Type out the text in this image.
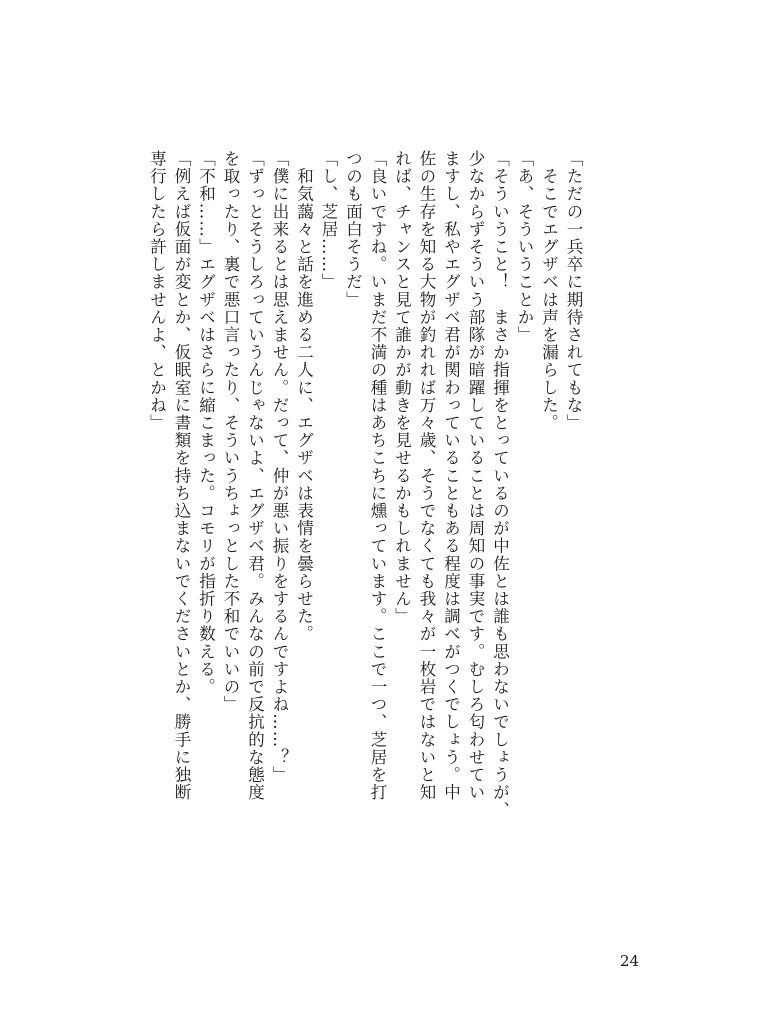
「ただの一兵卒に期待されてもな」
　そこでエグザベは声を漏らした。
「あ、そういうことか」
「そういうこと！　まさか指揮をとっているのが中佐とは誰も思わないでしょうが、
少なからずそういう部隊が暗躍していることは周知の事実です。むしろ匂わせてい
ますし、私やエグザベ君が関わっていることもある程度は調べがつくでしょう。中
佐の生存を知る大物が釣れれば万々歳、そうでなくても我々が一枚岩ではないと知
れば、チャンスと見て誰かが動きを見せるかもしれません」
「良いですね。いまだ不満の種はあちこちに燻っています。ここで一つ、芝居を打
つのも面白そうだ」
「し、芝居……」
　和気藹々と話を進める二人に、エグザベは表情を曇らせた。
「僕に出来るとは思えません。だって、仲が悪い振りをするんですよね……？」
「ずっとそうしろっていうんじゃないよ、エグザベ君。みんなの前で反抗的な態度
を取ったり、裏で悪口言ったり、そういうちょっとした不和でいいの」
「不和……」エグザベはさらに縮こまった。コモリが指折り数える。
「例えば仮面が変とか、仮眠室に書類を持ち込まないでくださいとか、勝手に独断
専行したら許しませんよ、とかね」
24
